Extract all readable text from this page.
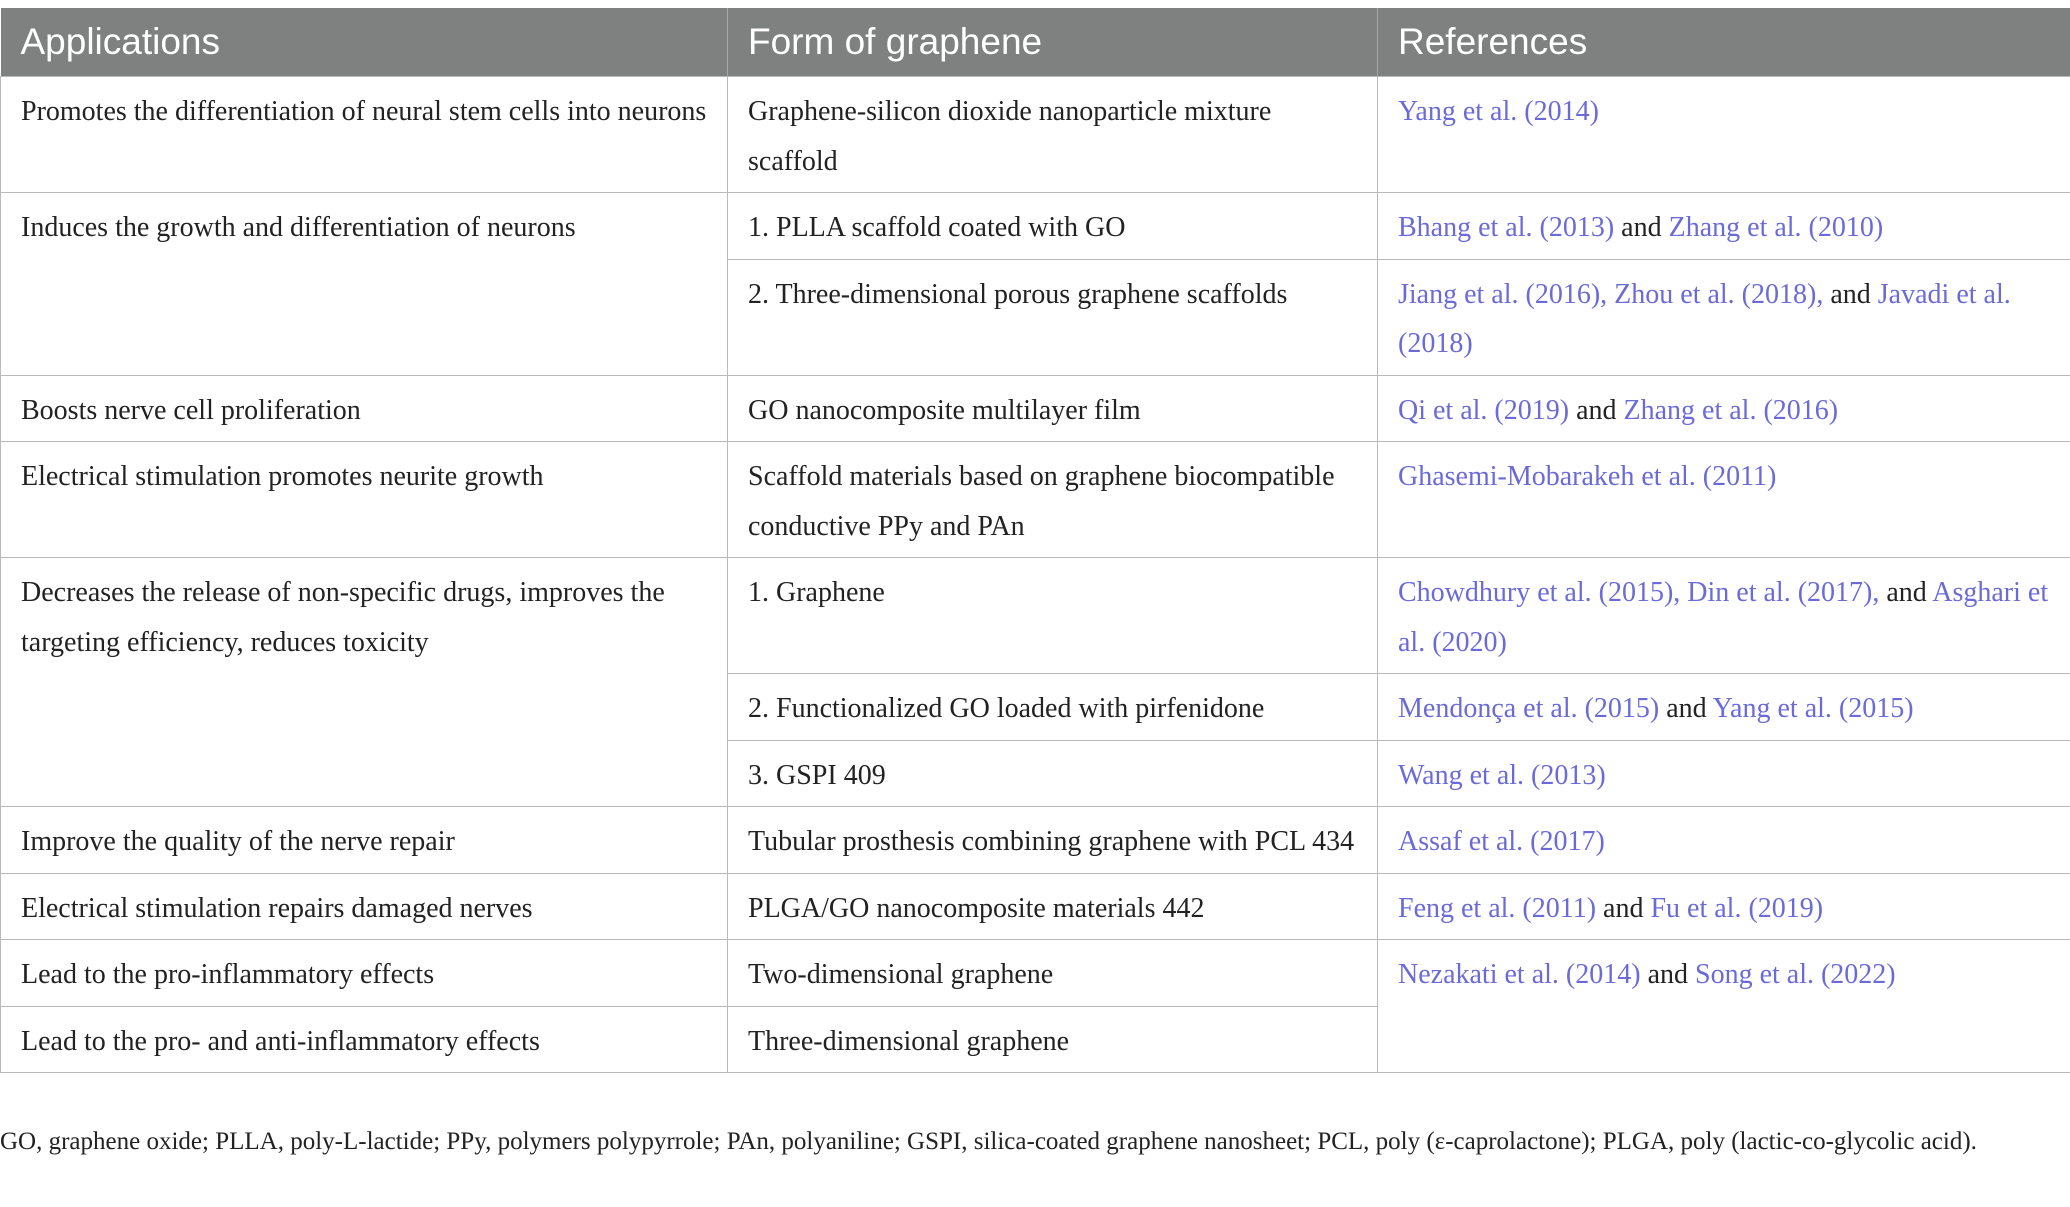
Applications	Form of graphene	References
Promotes the differentiation of neural stem cells into neurons	Graphene-silicon dioxide nanoparticle mixture scaffold	Yang et al. (2014)
Induces the growth and differentiation of neurons	1. PLLA scaffold coated with GO	Bhang et al. (2013) and Zhang et al. (2010)
	2. Three-dimensional porous graphene scaffolds	Jiang et al. (2016), Zhou et al. (2018), and Javadi et al. (2018)
Boosts nerve cell proliferation	GO nanocomposite multilayer film	Qi et al. (2019) and Zhang et al. (2016)
Electrical stimulation promotes neurite growth	Scaffold materials based on graphene biocompatible conductive PPy and PAn	Ghasemi-Mobarakeh et al. (2011)
Decreases the release of non-specific drugs, improves the targeting efficiency, reduces toxicity	1. Graphene	Chowdhury et al. (2015), Din et al. (2017), and Asghari et al. (2020)
	2. Functionalized GO loaded with pirfenidone	Mendonça et al. (2015) and Yang et al. (2015)
	3. GSPI 409	Wang et al. (2013)
Improve the quality of the nerve repair	Tubular prosthesis combining graphene with PCL 434	Assaf et al. (2017)
Electrical stimulation repairs damaged nerves	PLGA/GO nanocomposite materials 442	Feng et al. (2011) and Fu et al. (2019)
Lead to the pro-inflammatory effects	Two-dimensional graphene	Nezakati et al. (2014) and Song et al. (2022)
Lead to the pro- and anti-inflammatory effects	Three-dimensional graphene	
GO, graphene oxide; PLLA, poly-L-lactide; PPy, polymers polypyrrole; PAn, polyaniline; GSPI, silica-coated graphene nanosheet; PCL, poly (ε-caprolactone); PLGA, poly (lactic-co-glycolic acid).
